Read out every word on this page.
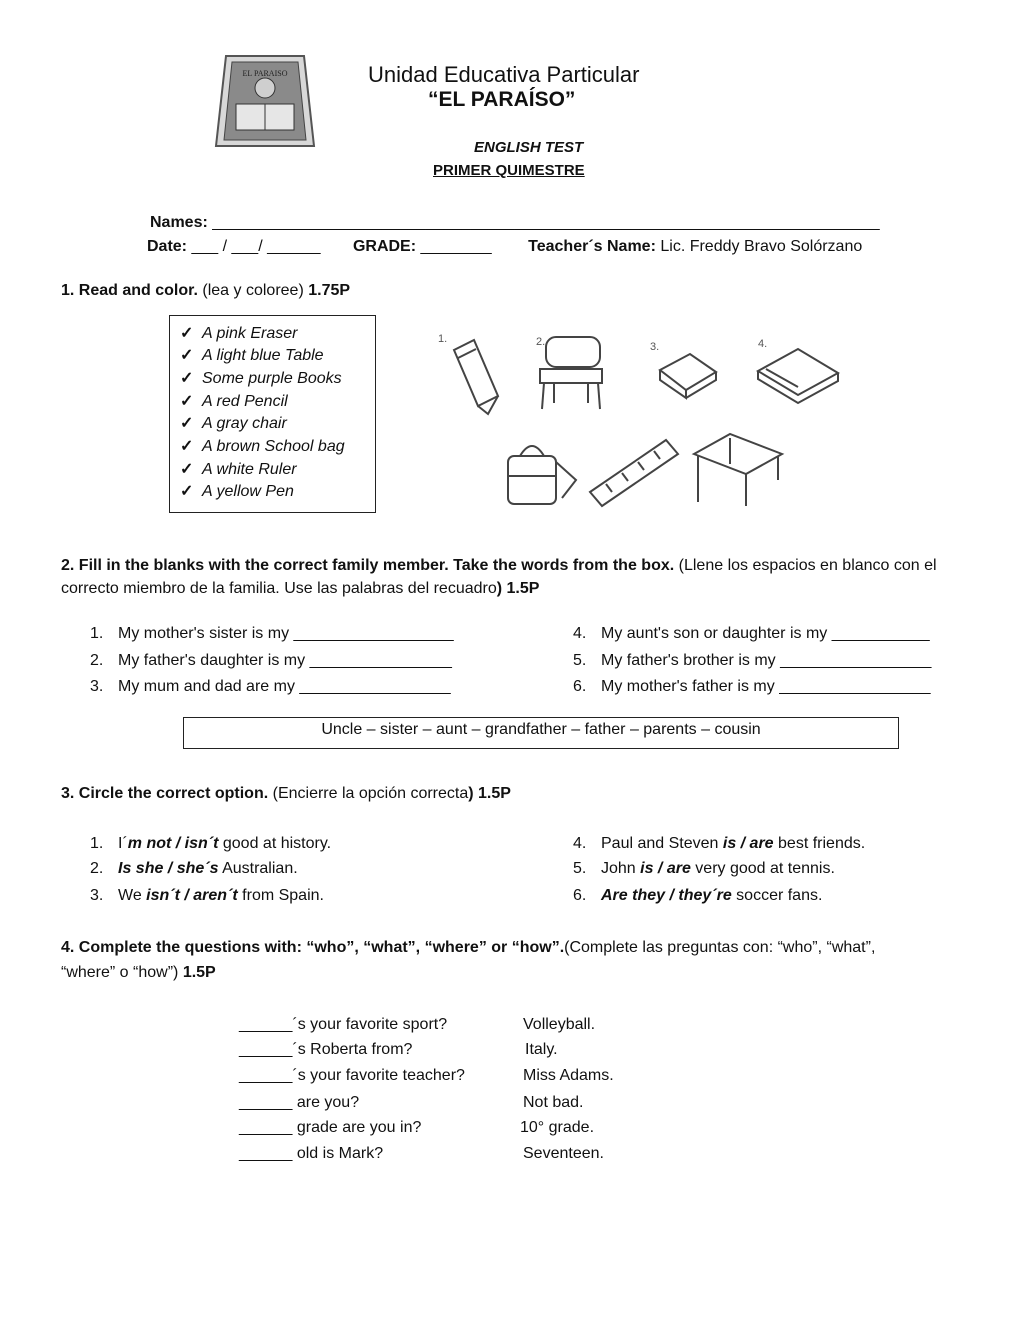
EL PARAISO	Unidad Educativa Particular
“EL PARAÍSO”
ENGLISH TEST
PRIMER QUIMESTRE
Names: ___________________________________________________________________________
Date: ___ / ___/ ______ GRADE: ________ Teacher´s Name: Lic. Freddy Bravo Solórzano
1. Read and color. (lea y coloree) 1.75P
✓ A pink Eraser
✓ A light blue Table
✓ Some purple Books
✓ A red Pencil
✓ A gray chair
✓ A brown School bag
✓ A white Ruler
✓ A yellow Pen
1.	2.	3.	4.
2. Fill in the blanks with the correct family member. Take the words from the box. (Llene los espacios en blanco con el
correcto miembro de la familia. Use las palabras del recuadro) 1.5P
1. My mother's sister is my __________________
2. My father's daughter is my ________________
3. My mum and dad are my _________________
4. My aunt's son or daughter is my ___________
5. My father's brother is my _________________
6. My mother's father is my _________________
Uncle – sister – aunt – grandfather – father – parents – cousin
3. Circle the correct option. (Encierre la opción correcta) 1.5P
1. I´m not / isn´t good at history.
2. Is she / she´s Australian.
3. We isn´t / aren´t from Spain.
4. Paul and Steven is / are best friends.
5. John is / are very good at tennis.
6. Are they / they´re soccer fans.
4. Complete the questions with: “who”, “what”, “where” or “how”.(Complete las preguntas con: “who”, “what”,
“where” o “how”) 1.5P
______´s your favorite sport?	Volleyball.
______´s Roberta from?	Italy.
______´s your favorite teacher?	Miss Adams.
______ are you?	Not bad.
______ grade are you in?	10° grade.
______ old is Mark?	Seventeen.
